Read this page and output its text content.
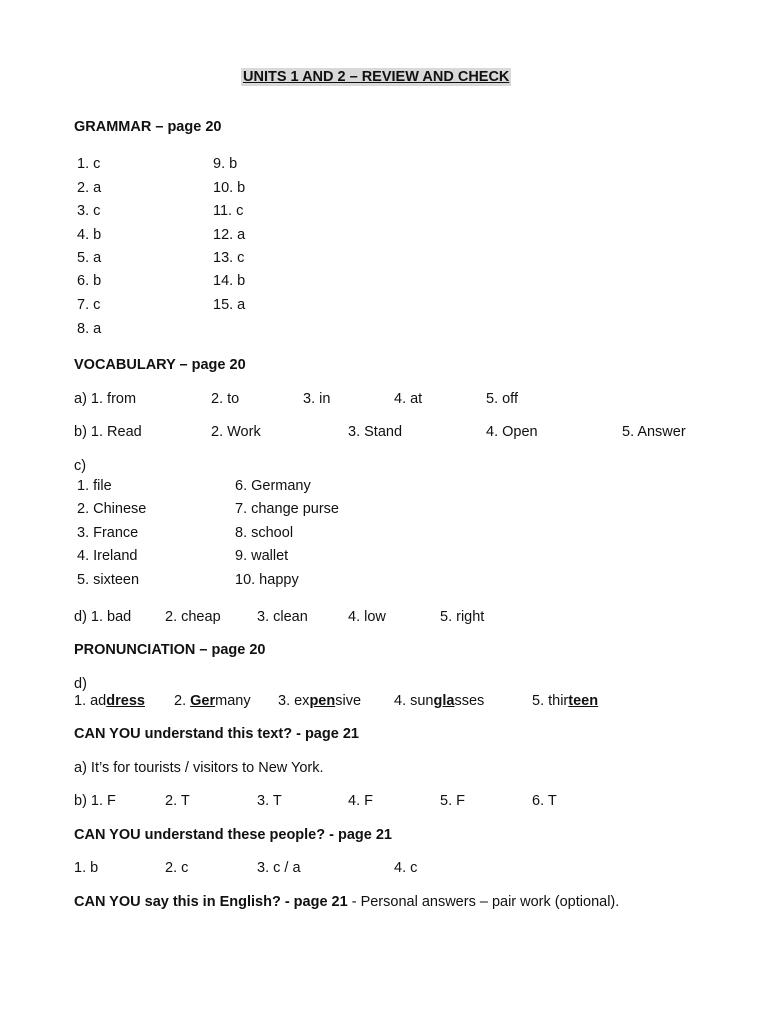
UNITS 1 AND 2 – REVIEW AND CHECK
GRAMMAR – page 20
1. c
2. a
3. c
4. b
5. a
6. b
7. c
8. a
9. b
10. b
11. c
12. a
13. c
14. b
15. a
VOCABULARY – page 20
a) 1. from	2. to	3. in	4. at	5. off
b) 1. Read	2. Work	3. Stand	4. Open	5. Answer
c)
1. file
2. Chinese
3. France
4. Ireland
5. sixteen
6. Germany
7. change purse
8. school
9. wallet
10. happy
d) 1. bad 2. cheap	3. clean	4. low	5. right
PRONUNCIATION – page 20
d)
1. address 2. Germany 3. expensive 4. sunglasses	5. thirteen
CAN YOU understand this text? - page 21
a) It’s for tourists / visitors to New York.
b) 1. F	2. T	3. T	4. F	5. F	6. T
CAN YOU understand these people? - page 21
1. b	2. c	3. c / a	4. c
CAN YOU say this in English? - page 21 - Personal answers – pair work (optional).
